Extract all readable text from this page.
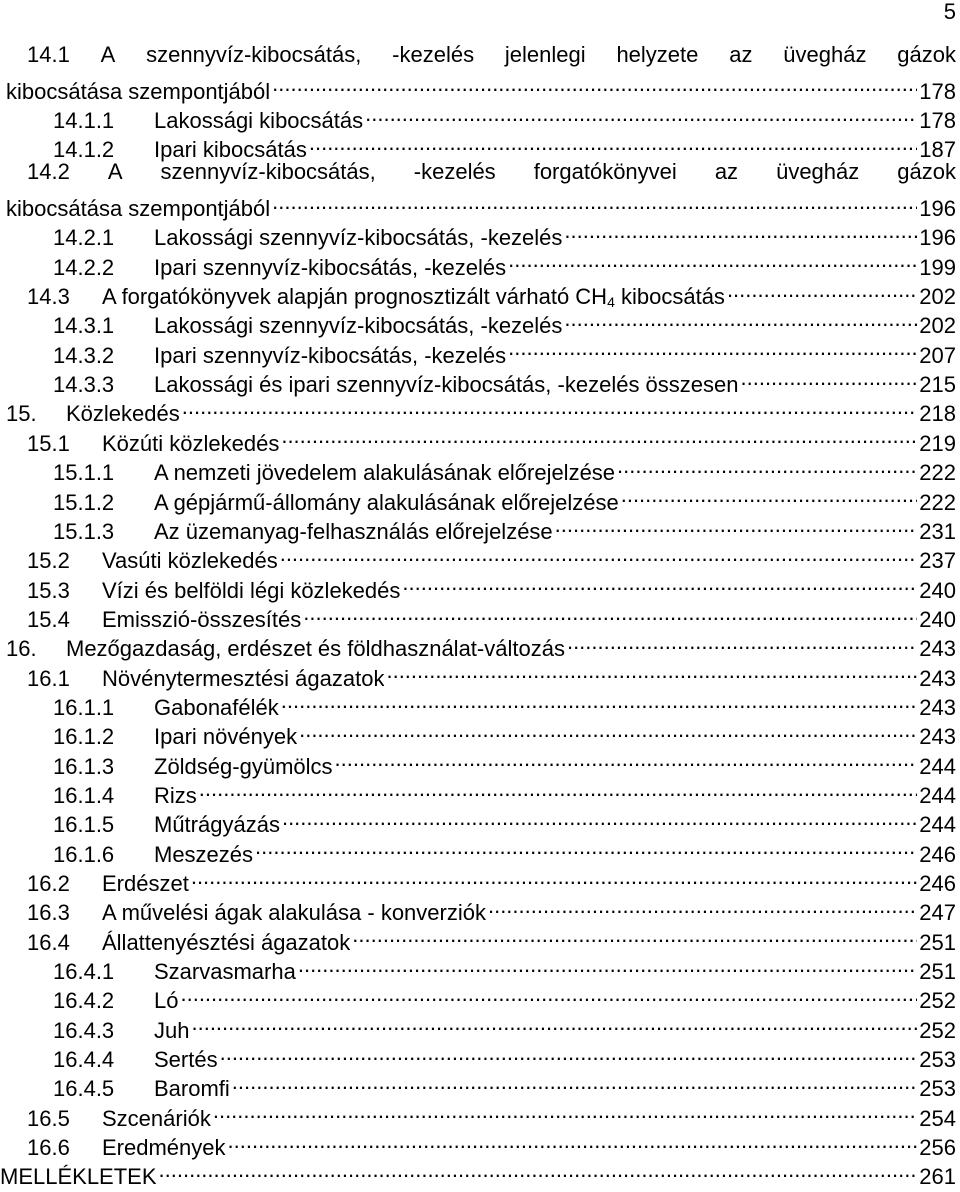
5
14.1 A szennyvíz-kibocsátás, -kezelés jelenlegi helyzete az üvegház gázok
kibocsátása szempontjából .....	178
14.1.1	Lakossági kibocsátás .....	178
14.1.2	Ipari kibocsátás .....	187
14.2 A szennyvíz-kibocsátás, -kezelés forgatókönyvei az üvegház gázok
kibocsátása szempontjából .....	196
14.2.1	Lakossági szennyvíz-kibocsátás, -kezelés .....	196
14.2.2	Ipari szennyvíz-kibocsátás, -kezelés .....	199
14.3	A forgatókönyvek alapján prognosztizált várható $CH_4$ kibocsátás .....	202
14.3.1	Lakossági szennyvíz-kibocsátás, -kezelés .....	202
14.3.2	Ipari szennyvíz-kibocsátás, -kezelés .....	207
14.3.3	Lakossági és ipari szennyvíz-kibocsátás, -kezelés összesen .....	215
15.	Közlekedés .....	218
15.1	Közúti közlekedés .....	219
15.1.1	A nemzeti jövedelem alakulásának előrejelzése .....	222
15.1.2	A gépjármű-állomány alakulásának előrejelzése .....	222
15.1.3	Az üzemanyag-felhasználás előrejelzése .....	231
15.2	Vasúti közlekedés .....	237
15.3	Vízi és belföldi légi közlekedés .....	240
15.4	Emisszió-összesítés .....	240
16.	Mezőgazdaság, erdészet és földhasználat-változás .....	243
16.1	Növénytermesztési ágazatok .....	243
16.1.1	Gabonafélék .....	243
16.1.2	Ipari növények .....	243
16.1.3	Zöldség-gyümölcs .....	244
16.1.4	Rizs .....	244
16.1.5	Műtrágyázás .....	244
16.1.6	Meszezés .....	246
16.2	Erdészet .....	246
16.3	A művelési ágak alakulása - konverziók .....	247
16.4	Állattenyésztési ágazatok .....	251
16.4.1	Szarvasmarha .....	251
16.4.2	Ló .....	252
16.4.3	Juh .....	252
16.4.4	Sertés .....	253
16.4.5	Baromfi .....	253
16.5	Szcenáriók .....	254
16.6	Eredmények .....	256
MELLÉKLETEK .....	261
